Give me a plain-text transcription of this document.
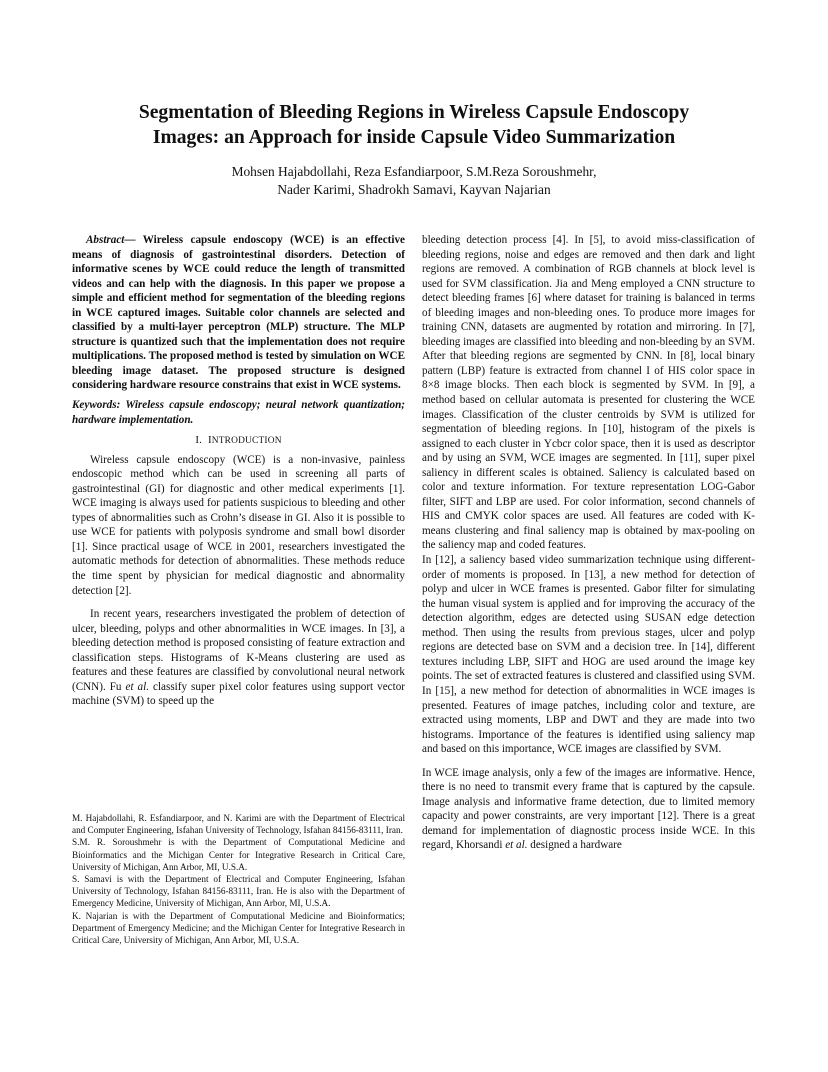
Segmentation of Bleeding Regions in Wireless Capsule Endoscopy
Images: an Approach for inside Capsule Video Summarization
Mohsen Hajabdollahi, Reza Esfandiarpoor, S.M.Reza Soroushmehr,
Nader Karimi, Shadrokh Samavi, Kayvan Najarian

Abstract— Wireless capsule endoscopy (WCE) is an effective means of diagnosis of gastrointestinal disorders. Detection of informative scenes by WCE could reduce the length of transmitted videos and can help with the diagnosis. In this paper we propose a simple and efficient method for segmentation of the bleeding regions in WCE captured images. Suitable color channels are selected and classified by a multi-layer perceptron (MLP) structure. The MLP structure is quantized such that the implementation does not require multiplications. The proposed method is tested by simulation on WCE bleeding image dataset. The proposed structure is designed considering hardware resource constrains that exist in WCE systems.

Keywords: Wireless capsule endoscopy; neural network quantization; hardware implementation.

I. INTRODUCTION

Wireless capsule endoscopy (WCE) is a non-invasive, painless endoscopic method which can be used in screening all parts of gastrointestinal (GI) for diagnostic and other medical experiments [1]. WCE imaging is always used for patients suspicious to bleeding and other types of abnormalities such as Crohn’s disease in GI. Also it is possible to use WCE for patients with polyposis syndrome and small bowl disorder [1]. Since practical usage of WCE in 2001, researchers investigated the automatic methods for detection of abnormalities. These methods reduce the time spent by physician for medical diagnostic and abnormality detection [2].

In recent years, researchers investigated the problem of detection of ulcer, bleeding, polyps and other abnormalities in WCE images. In [3], a bleeding detection method is proposed consisting of feature extraction and classification steps. Histograms of K-Means clustering are used as features and these features are classified by convolutional neural network (CNN). Fu et al. classify super pixel color features using support vector machine (SVM) to speed up the

M. Hajabdollahi, R. Esfandiarpoor, and N. Karimi are with the Department of Electrical and Computer Engineering, Isfahan University of Technology, Isfahan 84156-83111, Iran.

S.M. R. Soroushmehr is with the Department of Computational Medicine and Bioinformatics and the Michigan Center for Integrative Research in Critical Care, University of Michigan, Ann Arbor, MI, U.S.A.

S. Samavi is with the Department of Electrical and Computer Engineering, Isfahan University of Technology, Isfahan 84156-83111, Iran. He is also with the Department of Emergency Medicine, University of Michigan, Ann Arbor, MI, U.S.A.

K. Najarian is with the Department of Computational Medicine and Bioinformatics; Department of Emergency Medicine; and the Michigan Center for Integrative Research in Critical Care, University of Michigan, Ann Arbor, MI, U.S.A.

bleeding detection process [4]. In [5], to avoid miss-classification of bleeding regions, noise and edges are removed and then dark and light regions are removed. A combination of RGB channels at block level is used for SVM classification. Jia and Meng employed a CNN structure to detect bleeding frames [6] where dataset for training is balanced in terms of bleeding images and non-bleeding ones. To produce more images for training CNN, datasets are augmented by rotation and mirroring. In [7], bleeding images are classified into bleeding and non-bleeding by an SVM. After that bleeding regions are segmented by CNN. In [8], local binary pattern (LBP) feature is extracted from channel I of HIS color space in 8×8 image blocks. Then each block is segmented by SVM. In [9], a method based on cellular automata is presented for clustering the WCE images. Classification of the cluster centroids by SVM is utilized for segmentation of bleeding regions. In [10], histogram of the pixels is assigned to each cluster in Ycbcr color space, then it is used as descriptor and by using an SVM, WCE images are segmented. In [11], super pixel saliency in different scales is obtained. Saliency is calculated based on color and texture information. For texture representation LOG-Gabor filter, SIFT and LBP are used. For color information, second channels of HIS and CMYK color spaces are used. All features are coded with K-means clustering and final saliency map is obtained by max-pooling on the saliency map and coded features.

In [12], a saliency based video summarization technique using different-order of moments is proposed. In [13], a new method for detection of polyp and ulcer in WCE frames is presented. Gabor filter for simulating the human visual system is applied and for improving the accuracy of the detection algorithm, edges are detected using SUSAN edge detection method. Then using the results from previous stages, ulcer and polyp regions are detected base on SVM and a decision tree. In [14], different textures including LBP, SIFT and HOG are used around the image key points. The set of extracted features is clustered and classified using SVM. In [15], a new method for detection of abnormalities in WCE images is presented. Features of image patches, including color and texture, are extracted using moments, LBP and DWT and they are made into two histograms. Importance of the features is identified using saliency map and based on this importance, WCE images are classified by SVM.

In WCE image analysis, only a few of the images are informative. Hence, there is no need to transmit every frame that is captured by the capsule. Image analysis and informative frame detection, due to limited memory capacity and power constraints, are very important [12]. There is a great demand for implementation of diagnostic process inside WCE. In this regard, Khorsandi et al. designed a hardware
